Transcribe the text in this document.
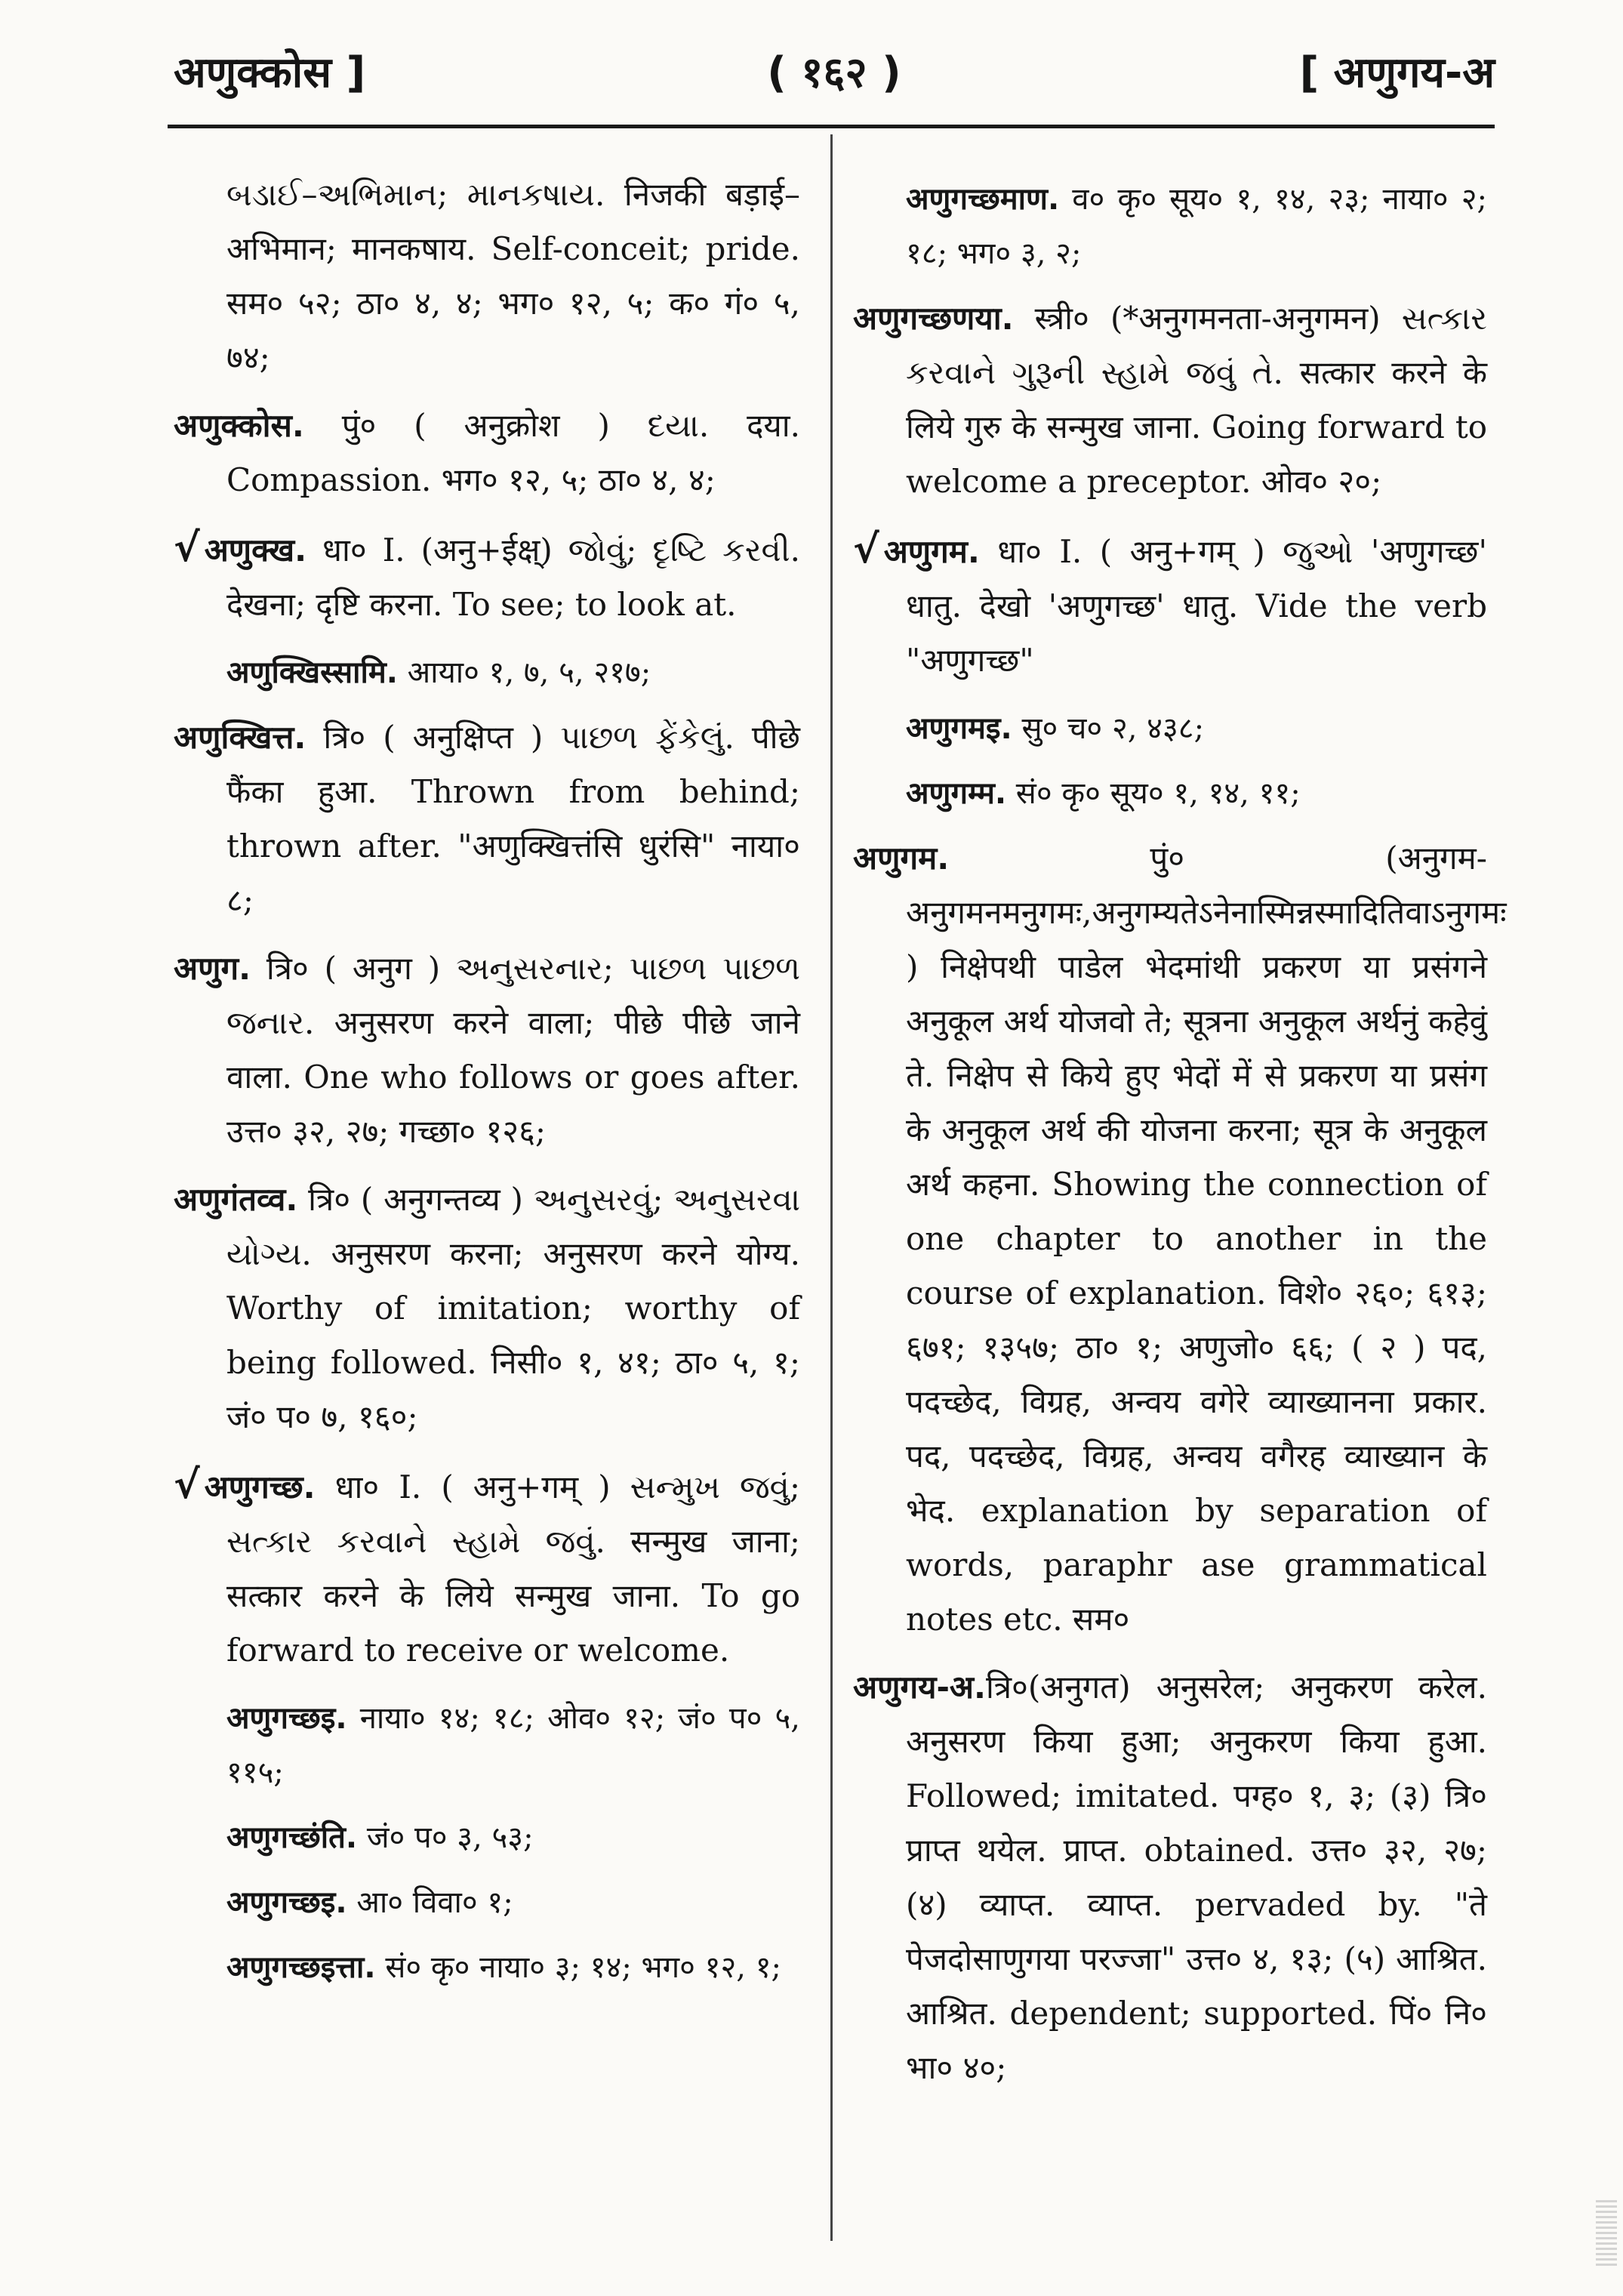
अणुक्कोस ]	( १६२ )	[ अणुगय-अ

બડાઈ–અભિમાન; માનકષાય. निजकी बड़ाई–अभिमान; मानकषाय. Self-conceit; pride. सम० ५२; ठा० ४, ४; भग० १२, ५; क० गं० ५, ७४;

अणुक्कोस. पुं० ( अनुक्रोश ) દયા. दया. Compassion. भग० १२, ५; ठा० ४, ४;

√ अणुक्ख. धा० I. (अनु+ईक्ष्) જોવું; દૃષ્ટિ કરવી. देखना; दृष्टि करना. To see; to look at.

अणुक्खिस्सामि. आया० १, ७, ५, २१७;

अणुक्खित्त. त्रि० ( अनुक्षिप्त ) પાછળ ફેંકેલું. पीछे फैंका हुआ. Thrown from behind; thrown after. "अणुक्खित्तंसि धुरंसि" नाया० ८;

अणुग. त्रि० ( अनुग ) અનુસરનાર; પાછળ પાછળ જનાર. अनुसरण करने वाला; पीछे पीछे जाने वाला. One who follows or goes after. उत्त० ३२, २७; गच्छा० १२६;

अणुगंतव्व. त्रि० ( अनुगन्तव्य ) અનુસરવું; અનુસરવા યોગ્ય. अनुसरण करना; अनुसरण करने योग्य. Worthy of imitation; worthy of being followed. निसी० १, ४१; ठा० ५, १; जं० प० ७, १६०;

√ अणुगच्छ. धा० I. ( अनु+गम् ) સન્મુખ જવું; સત્કાર કરવાને સ્હામે જવું. सन्मुख जाना; सत्कार करने के लिये सन्मुख जाना. To go forward to receive or welcome.

अणुगच्छइ. नाया० १४; १८; ओव० १२; जं० प० ५, ११५;

अणुगच्छंति. जं० प० ३, ५३;

अणुगच्छइ. आ० विवा० १;

अणुगच्छइत्ता. सं० कृ० नाया० ३; १४; भग० १२, १;

अणुगच्छमाण. व० कृ० सूय० १, १४, २३; नाया० २; १८; भग० ३, २;

अणुगच्छणया. स्त्री० (*अनुगमनता-अनुगमन) સત્કાર કરવાને ગુરૂની સ્હામે જવું તે. सत्कार करने के लिये गुरु के सन्मुख जाना. Going forward to welcome a preceptor. ओव० २०;

√ अणुगम. धा० I. ( अनु+गम् ) જુઓ 'अणुगच्छ' धातु. देखो 'अणुगच्छ' धातु. Vide the verb "अणुगच्छ"

अणुगमइ. सु० च० २, ४३८;

अणुगम्म. सं० कृ० सूय० १, १४, ११;

अणुगम. पुं० (अनुगम-अनुगमनमनुगमः,अनुगम्यतेऽनेनास्मिन्नस्मादितिवाऽनुगमः ) निक्षेपथी पाडेल भेदमांथी प्रकरण या प्रसंगने अनुकूल अर्थ योजवो ते; सूत्रना अनुकूल अर्थनुं कहेवुं ते. निक्षेप से किये हुए भेदों में से प्रकरण या प्रसंग के अनुकूल अर्थ की योजना करना; सूत्र के अनुकूल अर्थ कहना. Showing the connection of one chapter to another in the course of explanation. विशे० २६०; ६१३; ६७१; १३५७; ठा० १; अणुजो० ६६; ( २ ) पद, पदच्छेद, विग्रह, अन्वय वगेरे व्याख्यानना प्रकार. पद, पदच्छेद, विग्रह, अन्वय वगैरह व्याख्यान के भेद. explanation by separation of words, paraphr ase grammatical notes etc. सम०

अणुगय-अ.त्रि०(अनुगत) अनुसरेल; अनुकरण करेल. अनुसरण किया हुआ; अनुकरण किया हुआ. Followed; imitated. पग्ह० १, ३; (३) त्रि० प्राप्त थयेल. प्राप्त. obtained. उत्त० ३२, २७; (४) व्याप्त. व्याप्त. pervaded by. "ते पेजदोसाणुगया परज्जा" उत्त० ४, १३; (५) आश्रित. आश्रित. dependent; supported. पिं० नि० भा० ४०;
